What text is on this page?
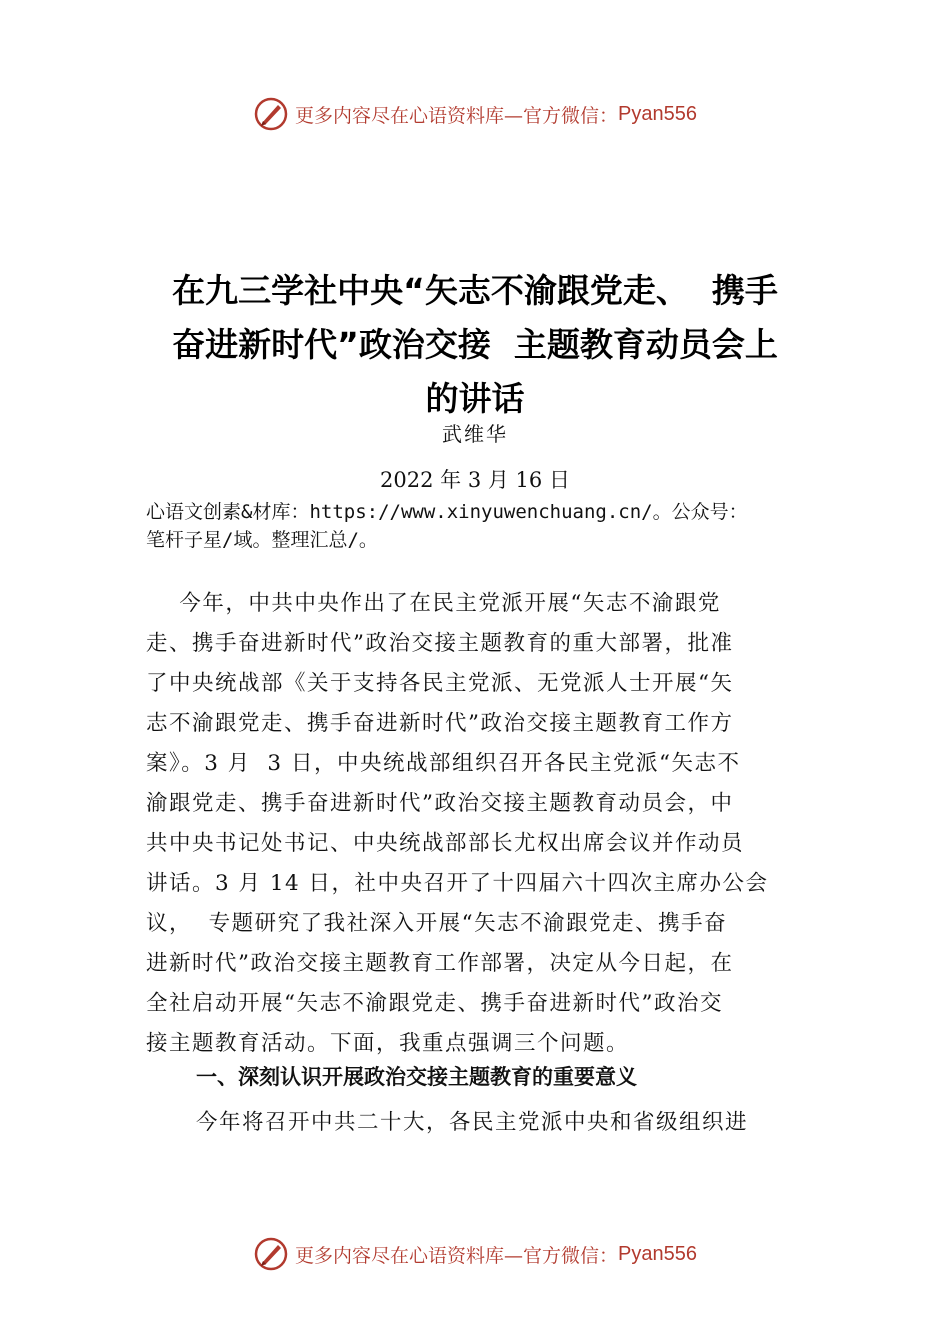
更多内容尽在心语资料库—官方微信： Pyan556
在九三学社中央“矢志不渝跟党走、  携手
奋进新时代”政治交接  主题教育动员会上
的讲话
武维华
2022 年 3 月 16 日
心语文创素&材库：https://www.xinyuwenchuang.cn/。公众号：
笔杆子星/域。整理汇总/。
今年，中共中央作出了在民主党派开展“矢志不渝跟党
走、携手奋进新时代”政治交接主题教育的重大部署，批准
了中央统战部《关于支持各民主党派、无党派人士开展“矢
志不渝跟党走、携手奋进新时代”政治交接主题教育工作方
案》。3 月  3 日，中央统战部组织召开各民主党派“矢志不
渝跟党走、携手奋进新时代”政治交接主题教育动员会，中
共中央书记处书记、中央统战部部长尤权出席会议并作动员
讲话。3 月 14 日，社中央召开了十四届六十四次主席办公会
议，  专题研究了我社深入开展“矢志不渝跟党走、携手奋
进新时代”政治交接主题教育工作部署，决定从今日起，在
全社启动开展“矢志不渝跟党走、携手奋进新时代”政治交
接主题教育活动。下面，我重点强调三个问题。
一、深刻认识开展政治交接主题教育的重要意义
今年将召开中共二十大，各民主党派中央和省级组织进
更多内容尽在心语资料库—官方微信： Pyan556
